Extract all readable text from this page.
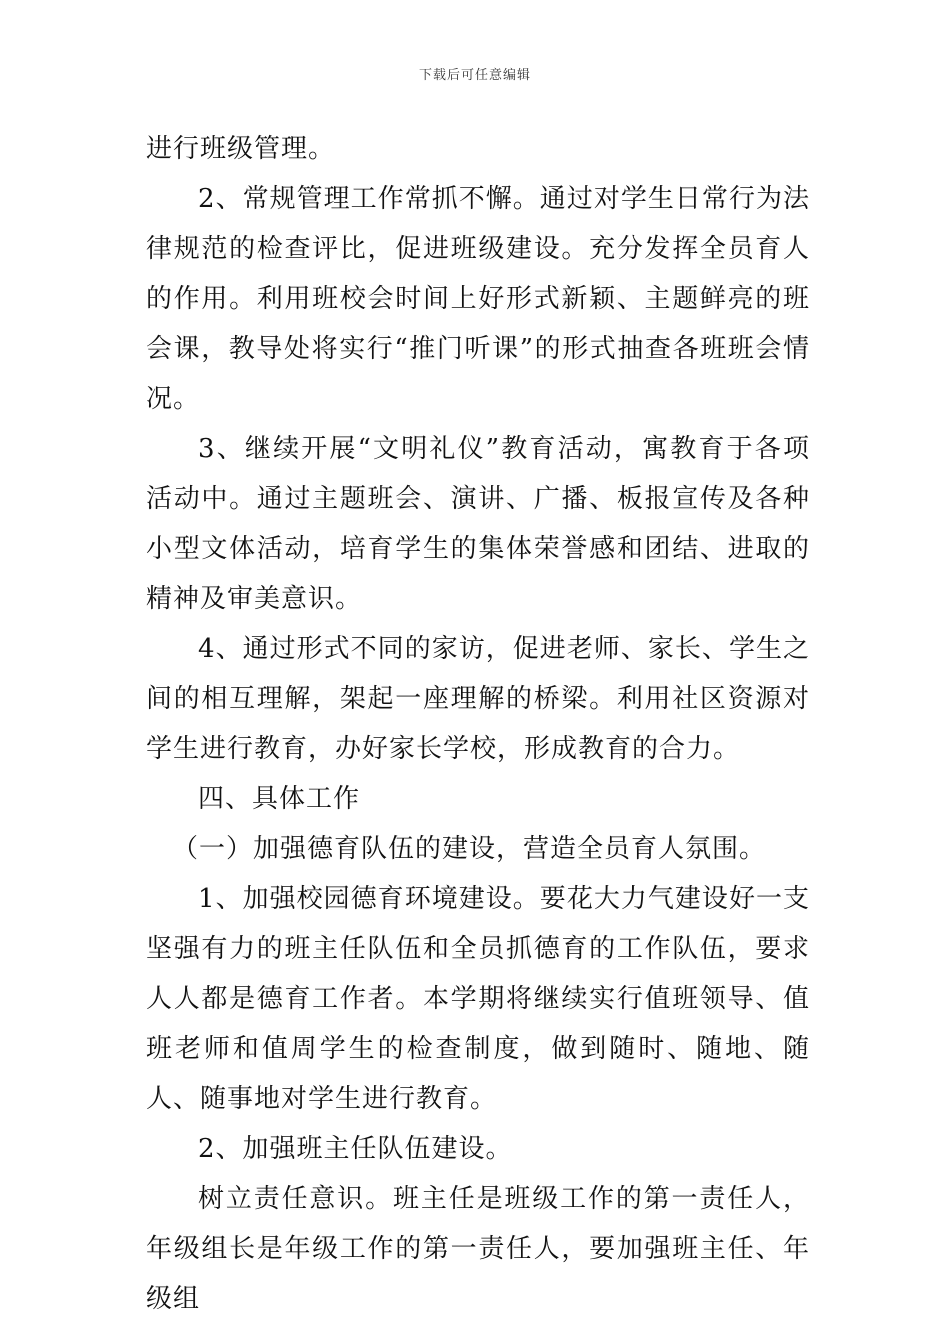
下载后可任意编辑

进行班级管理。

2、常规管理工作常抓不懈。通过对学生日常行为法律规范的检查评比，促进班级建设。充分发挥全员育人的作用。利用班校会时间上好形式新颖、主题鲜亮的班会课，教导处将实行“推门听课”的形式抽查各班班会情况。

3、继续开展“文明礼仪”教育活动，寓教育于各项活动中。通过主题班会、演讲、广播、板报宣传及各种小型文体活动，培育学生的集体荣誉感和团结、进取的精神及审美意识。

4、通过形式不同的家访，促进老师、家长、学生之间的相互理解，架起一座理解的桥梁。利用社区资源对学生进行教育，办好家长学校，形成教育的合力。

四、具体工作

（一）加强德育队伍的建设，营造全员育人氛围。

1、加强校园德育环境建设。要花大力气建设好一支坚强有力的班主任队伍和全员抓德育的工作队伍，要求人人都是德育工作者。本学期将继续实行值班领导、值班老师和值周学生的检查制度，做到随时、随地、随人、随事地对学生进行教育。

2、加强班主任队伍建设。

树立责任意识。班主任是班级工作的第一责任人，年级组长是年级工作的第一责任人，要加强班主任、年级组
